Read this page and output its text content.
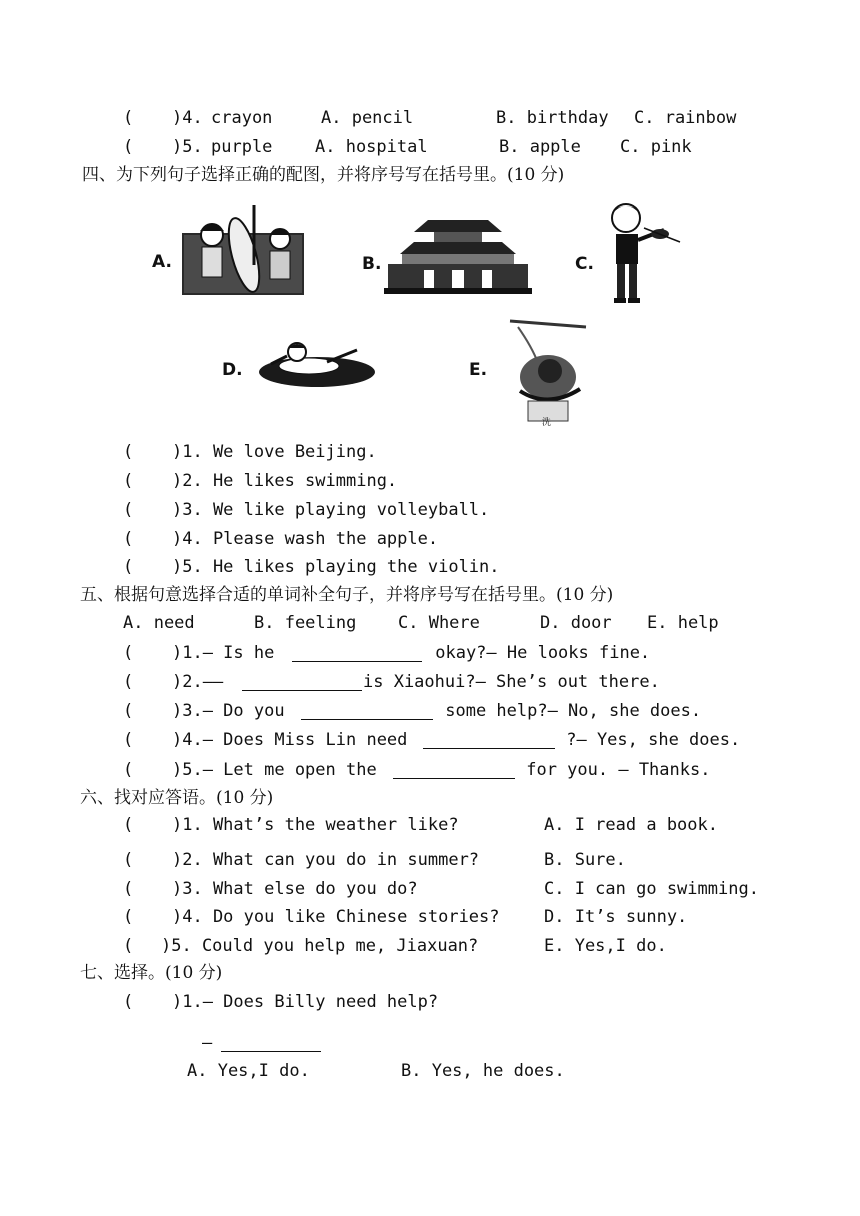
( )4. crayon	A. pencil	B. birthday C. rainbow
( )5. purple	A. hospital	B. apple C. pink
四、为下列句子选择正确的配图，并将序号写在括号里。(10 分)
A.	B.	C.
D.	E.
洗
( )1. We love Beijing.
( )2. He likes swimming.
( )3. We like playing volleyball.
( )4. Please wash the apple.
( )5. He likes playing the violin.
五、根据句意选择合适的单词补全句子，并将序号写在括号里。(10 分)
A. need	B. feeling C. Where	D. door E. help
( )1.— Is he	okay?— He looks fine.
( )2.——	is Xiaohui?— She’s out there.
( )3.— Do you	some help?— No, she does.
( )4.— Does Miss Lin need	?— Yes, she does.
( )5.— Let me open the	for you. — Thanks.
六、找对应答语。(10 分)
( )1. What’s the weather like?	A. I read a book.
( )2. What can you do in summer?	B. Sure.
( )3. What else do you do?	C. I can go swimming.
( )4. Do you like Chinese stories?	D. It’s sunny.
( )5. Could you help me, Jiaxuan?	E. Yes,I do.
七、选择。(10 分)
( )1.— Does Billy need help?
—
A. Yes,I do.	B. Yes, he does.
